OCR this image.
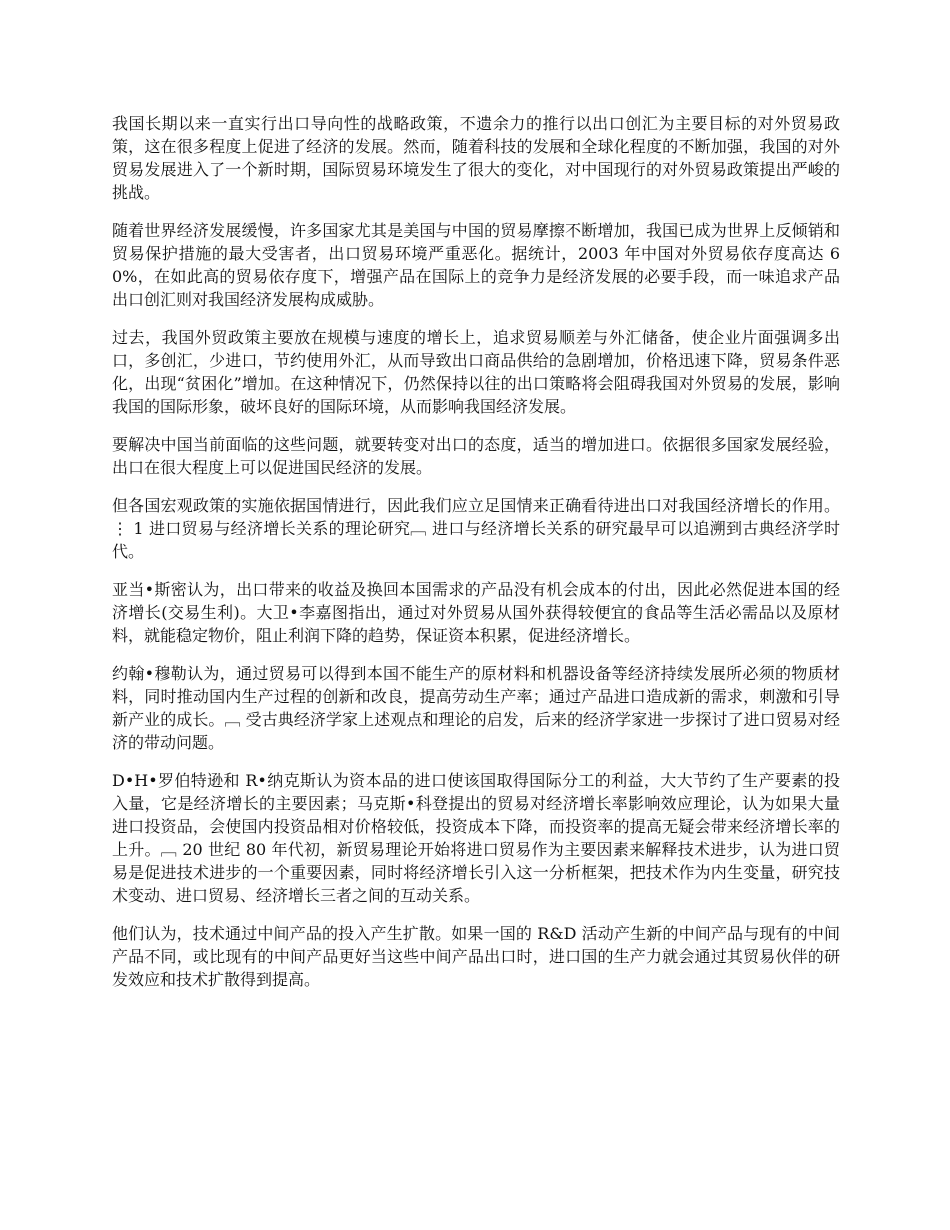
我国长期以来一直实行出口导向性的战略政策，不遗余力的推行以出口创汇为主要目标的对外贸易政策，这在很多程度上促进了经济的发展。然而，随着科技的发展和全球化程度的不断加强，我国的对外贸易发展进入了一个新时期，国际贸易环境发生了很大的变化，对中国现行的对外贸易政策提出严峻的挑战。

随着世界经济发展缓慢，许多国家尤其是美国与中国的贸易摩擦不断增加，我国已成为世界上反倾销和贸易保护措施的最大受害者，出口贸易环境严重恶化。据统计，2003 年中国对外贸易依存度高达 60%，在如此高的贸易依存度下，增强产品在国际上的竞争力是经济发展的必要手段，而一味追求产品出口创汇则对我国经济发展构成威胁。

过去，我国外贸政策主要放在规模与速度的增长上，追求贸易顺差与外汇储备，使企业片面强调多出口，多创汇，少进口，节约使用外汇，从而导致出口商品供给的急剧增加，价格迅速下降，贸易条件恶化，出现“贫困化”增加。在这种情况下，仍然保持以往的出口策略将会阻碍我国对外贸易的发展，影响我国的国际形象，破坏良好的国际环境，从而影响我国经济发展。

要解决中国当前面临的这些问题，就要转变对出口的态度，适当的增加进口。依据很多国家发展经验，出口在很大程度上可以促进国民经济的发展。

但各国宏观政策的实施依据国情进行，因此我们应立足国情来正确看待进出口对我国经济增长的作用。 ⋮ 1 进口贸易与经济增长关系的理论研究﹇ 进口与经济增长关系的研究最早可以追溯到古典经济学时代。

亚当•斯密认为，出口带来的收益及换回本国需求的产品没有机会成本的付出，因此必然促进本国的经济增长(交易生利)。大卫•李嘉图指出，通过对外贸易从国外获得较便宜的食品等生活必需品以及原材料，就能稳定物价，阻止利润下降的趋势，保证资本积累，促进经济增长。

约翰•穆勒认为，通过贸易可以得到本国不能生产的原材料和机器设备等经济持续发展所必须的物质材料，同时推动国内生产过程的创新和改良，提高劳动生产率；通过产品进口造成新的需求，刺激和引导新产业的成长。﹇ 受古典经济学家上述观点和理论的启发，后来的经济学家进一步探讨了进口贸易对经济的带动问题。

D•H•罗伯特逊和 R•纳克斯认为资本品的进口使该国取得国际分工的利益，大大节约了生产要素的投入量，它是经济增长的主要因素；马克斯•科登提出的贸易对经济增长率影响效应理论，认为如果大量进口投资品，会使国内投资品相对价格较低，投资成本下降，而投资率的提高无疑会带来经济增长率的上升。﹇ 20 世纪 80 年代初，新贸易理论开始将进口贸易作为主要因素来解释技术进步，认为进口贸易是促进技术进步的一个重要因素，同时将经济增长引入这一分析框架，把技术作为内生变量，研究技术变动、进口贸易、经济增长三者之间的互动关系。

他们认为，技术通过中间产品的投入产生扩散。如果一国的 R&D 活动产生新的中间产品与现有的中间产品不同，或比现有的中间产品更好当这些中间产品出口时，进口国的生产力就会通过其贸易伙伴的研发效应和技术扩散得到提高。
